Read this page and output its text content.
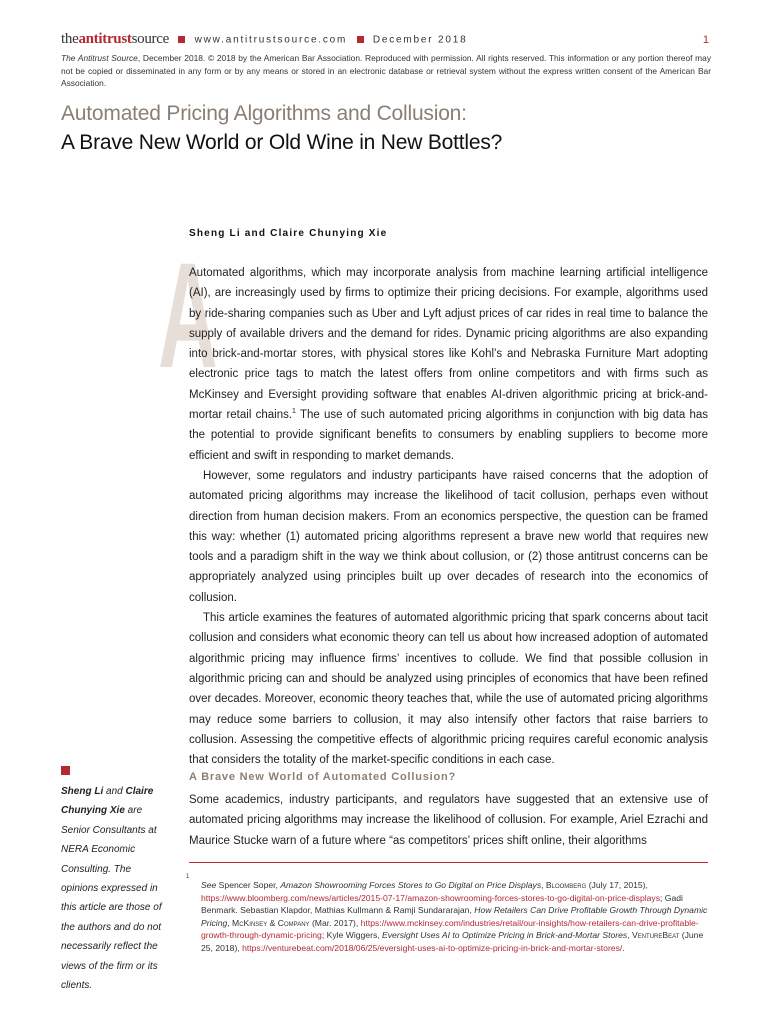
theantitrustsource	www.antitrustsource.com	December 2018	1
The Antitrust Source, December 2018. © 2018 by the American Bar Association. Reproduced with permission. All rights reserved. This information or any portion thereof may not be copied or disseminated in any form or by any means or stored in an electronic database or retrieval system without the express written consent of the American Bar Association.
Automated Pricing Algorithms and Collusion:
A Brave New World or Old Wine in New Bottles?
Sheng Li and Claire Chunying Xie
A

Automated algorithms, which may incorporate analysis from machine learning artificial intelligence (AI), are increasingly used by firms to optimize their pricing decisions. For example, algorithms used by ride-sharing companies such as Uber and Lyft adjust prices of car rides in real time to balance the supply of available drivers and the demand for rides. Dynamic pricing algorithms are also expanding into brick-and-mortar stores, with physical stores like Kohl’s and Nebraska Furniture Mart adopting electronic price tags to match the latest offers from online competitors and with firms such as McKinsey and Eversight providing software that enables AI-driven algorithmic pricing at brick-and-mortar retail chains.$^1$ The use of such automated pricing algorithms in conjunction with big data has the potential to provide significant benefits to consumers by enabling suppliers to become more efficient and swift in responding to market demands.

However, some regulators and industry participants have raised concerns that the adoption of automated pricing algorithms may increase the likelihood of tacit collusion, perhaps even without direction from human decision makers. From an economics perspective, the question can be framed this way: whether (1) automated pricing algorithms represent a brave new world that requires new tools and a paradigm shift in the way we think about collusion, or (2) those antitrust concerns can be appropriately analyzed using principles built up over decades of research into the economics of collusion.

This article examines the features of automated algorithmic pricing that spark concerns about tacit collusion and considers what economic theory can tell us about how increased adoption of automated algorithmic pricing may influence firms’ incentives to collude. We find that possible collusion in algorithmic pricing can and should be analyzed using principles of economics that have been refined over decades. Moreover, economic theory teaches that, while the use of automated pricing algorithms may reduce some barriers to collusion, it may also intensify other factors that raise barriers to collusion. Assessing the competitive effects of algorithmic pricing requires careful economic analysis that considers the totality of the market-specific conditions in each case.

A Brave New World of Automated Collusion?

Some academics, industry participants, and regulators have suggested that an extensive use of automated pricing algorithms may increase the likelihood of collusion. For example, Ariel Ezrachi and Maurice Stucke warn of a future where “as competitors’ prices shift online, their algorithms

Sheng Li and Claire Chunying Xie are Senior Consultants at NERA Economic Consulting. The opinions expressed in this article are those of the authors and do not necessarily reflect the views of the firm or its clients.
1
See Spencer Soper, Amazon Showrooming Forces Stores to Go Digital on Price Displays, Bloomberg (July 17, 2015), https://www.bloomberg.com/news/articles/2015-07-17/amazon-showrooming-forces-stores-to-go-digital-on-price-displays; Gadi Benmark. Sebastian Klapdor, Mathias Kullmann & Ramji Sundararajan, How Retailers Can Drive Profitable Growth Through Dynamic Pricing, McKinsey & Company (Mar. 2017), https://www.mckinsey.com/industries/retail/our-insights/how-retailers-can-drive-profitable-growth-through-dynamic-pricing; Kyle Wiggers, Eversight Uses AI to Optimize Pricing in Brick-and-Mortar Stores, VentureBeat (June 25, 2018), https://venturebeat.com/2018/06/25/eversight-uses-ai-to-optimize-pricing-in-brick-and-mortar-stores/.
